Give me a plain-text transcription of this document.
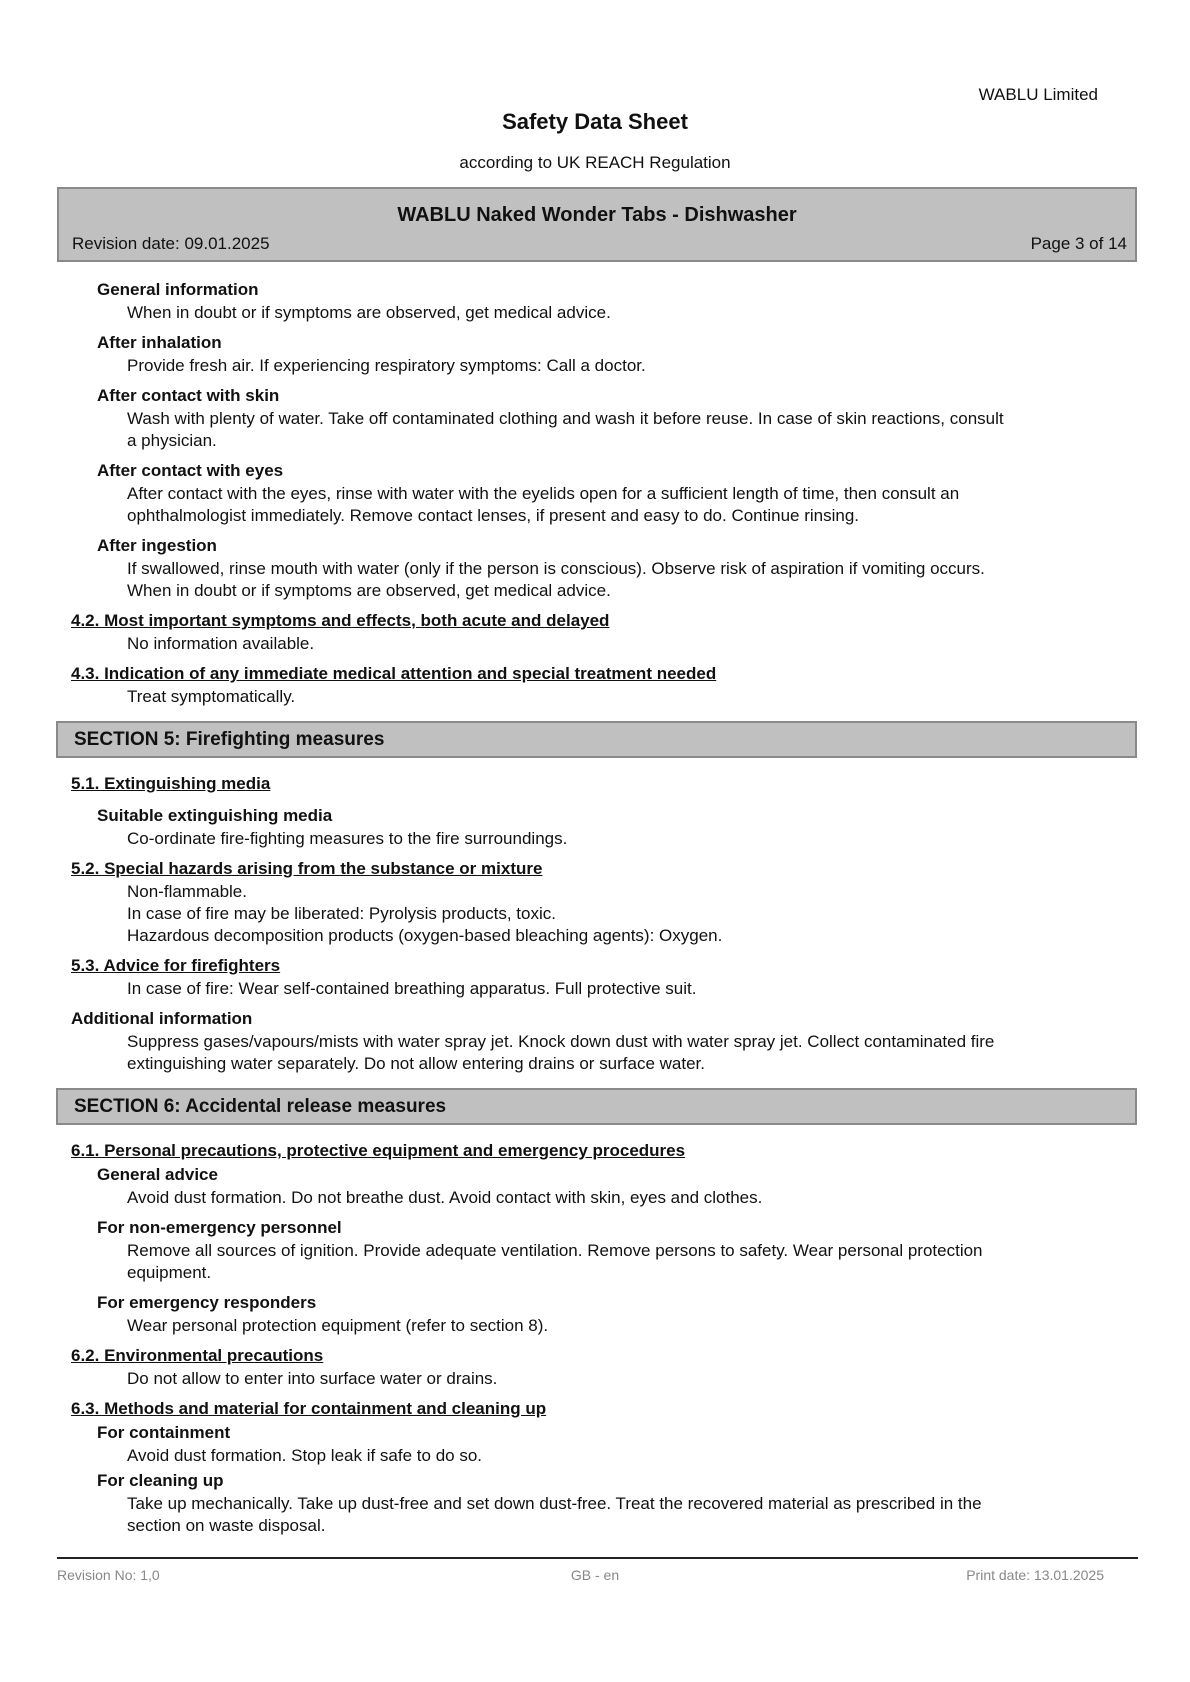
WABLU Limited
Safety Data Sheet
according to UK REACH Regulation
WABLU Naked Wonder Tabs - Dishwasher
Revision date: 09.01.2025	Page 3 of 14
General information
When in doubt or if symptoms are observed, get medical advice.
After inhalation
Provide fresh air. If experiencing respiratory symptoms: Call a doctor.
After contact with skin
Wash with plenty of water. Take off contaminated clothing and wash it before reuse. In case of skin reactions, consult a physician.
After contact with eyes
After contact with the eyes, rinse with water with the eyelids open for a sufficient length of time, then consult an ophthalmologist immediately. Remove contact lenses, if present and easy to do. Continue rinsing.
After ingestion
If swallowed, rinse mouth with water (only if the person is conscious). Observe risk of aspiration if vomiting occurs. When in doubt or if symptoms are observed, get medical advice.
4.2. Most important symptoms and effects, both acute and delayed
No information available.
4.3. Indication of any immediate medical attention and special treatment needed
Treat symptomatically.
SECTION 5: Firefighting measures
5.1. Extinguishing media
Suitable extinguishing media
Co-ordinate fire-fighting measures to the fire surroundings.
5.2. Special hazards arising from the substance or mixture
Non-flammable.
In case of fire may be liberated: Pyrolysis products, toxic.
Hazardous decomposition products (oxygen-based bleaching agents): Oxygen.
5.3. Advice for firefighters
In case of fire: Wear self-contained breathing apparatus. Full protective suit.
Additional information
Suppress gases/vapours/mists with water spray jet. Knock down dust with water spray jet. Collect contaminated fire extinguishing water separately. Do not allow entering drains or surface water.
SECTION 6: Accidental release measures
6.1. Personal precautions, protective equipment and emergency procedures
General advice
Avoid dust formation. Do not breathe dust. Avoid contact with skin, eyes and clothes.
For non-emergency personnel
Remove all sources of ignition. Provide adequate ventilation. Remove persons to safety. Wear personal protection equipment.
For emergency responders
Wear personal protection equipment (refer to section 8).
6.2. Environmental precautions
Do not allow to enter into surface water or drains.
6.3. Methods and material for containment and cleaning up
For containment
Avoid dust formation. Stop leak if safe to do so.
For cleaning up
Take up mechanically. Take up dust-free and set down dust-free. Treat the recovered material as prescribed in the section on waste disposal.
Revision No: 1,0	GB - en	Print date: 13.01.2025
